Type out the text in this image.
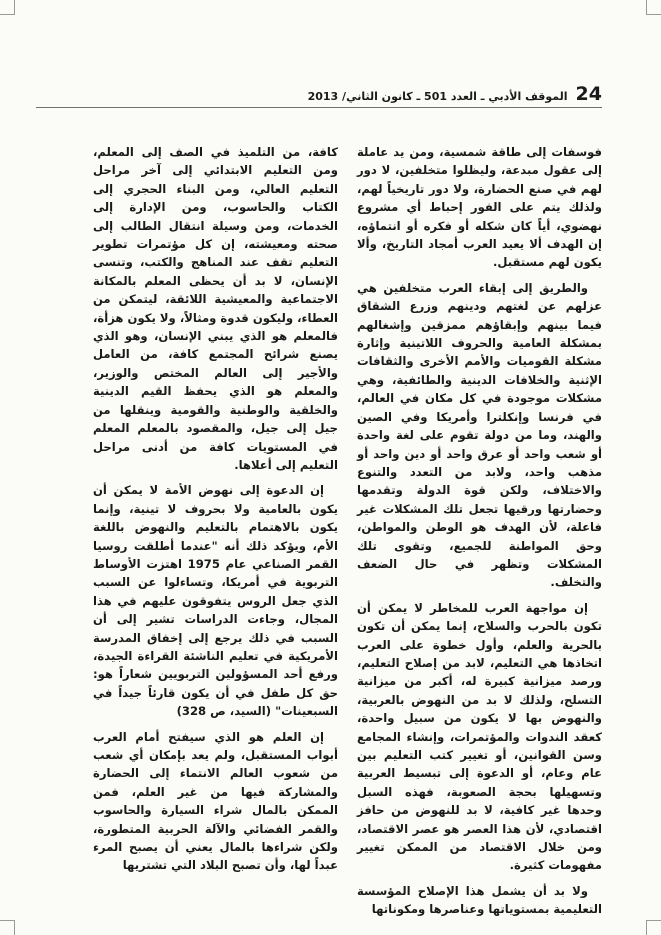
الموقف الأدبي ـ العدد 501 ـ كانون الثاني/ 2013 24

فوسفات إلى طاقة شمسية، ومن يد عاملة إلى عقول مبدعة، وليظلوا متخلفين، لا دور لهم في صنع الحضارة، ولا دور تاريخياً لهم، ولذلك يتم على الفور إحباط أي مشروع نهضوي، أياً كان شكله أو فكره أو انتماؤه، إن الهدف ألا يعيد العرب أمجاد التاريخ، وألا يكون لهم مستقبل.

والطريق إلى إبقاء العرب متخلفين هي عزلهم عن لغتهم ودينهم وزرع الشقاق فيما بينهم وإبقاؤهم ممزقين وإشغالهم بمشكلة العامية والحروف اللاتينية وإثارة مشكلة القوميات والأمم الأخرى والثقافات الإثنية والخلافات الدينية والطائفية، وهي مشكلات موجودة في كل مكان في العالم، في فرنسا وإنكلترا وأمريكا وفي الصين والهند، وما من دولة تقوم على لغة واحدة أو شعب واحد أو عرق واحد أو دين واحد أو مذهب واحد، ولابد من التعدد والتنوع والاختلاف، ولكن قوة الدولة وتقدمها وحضارتها ورقيها تجعل تلك المشكلات غير فاعلة، لأن الهدف هو الوطن والمواطن، وحق المواطنة للجميع، وتقوى تلك المشكلات وتظهر في حال الضعف والتخلف.

إن مواجهة العرب للمخاطر لا يمكن أن تكون بالحرب والسلاح، إنما يمكن أن تكون بالحرية والعلم، وأول خطوة على العرب اتخاذها هي التعليم، لابد من إصلاح التعليم، ورصد ميزانية كبيرة له، أكبر من ميزانية التسلح، ولذلك لا بد من النهوض بالعربية، والنهوض بها لا يكون من سبيل واحدة، كعقد الندوات والمؤتمرات، وإنشاء المجامع وسن القوانين، أو تغيير كتب التعليم بين عام وعام، أو الدعوة إلى تبسيط العربية وتسهيلها بحجة الصعوبة، فهذه السبل وحدها غير كافية، لا بد للنهوض من حافز اقتصادي، لأن هذا العصر هو عصر الاقتصاد، ومن خلال الاقتصاد من الممكن تغيير مفهومات كثيرة.

ولا بد أن يشمل هذا الإصلاح المؤسسة التعليمية بمستوياتها وعناصرها ومكوناتها

كافة، من التلميذ في الصف إلى المعلم، ومن التعليم الابتدائي إلى آخر مراحل التعليم العالي، ومن البناء الحجري إلى الكتاب والحاسوب، ومن الإدارة إلى الخدمات، ومن وسيلة انتقال الطالب إلى صحته ومعيشته، إن كل مؤتمرات تطوير التعليم تقف عند المناهج والكتب، وتنسى الإنسان، لا بد أن يحظى المعلم بالمكانة الاجتماعية والمعيشية اللائقة، ليتمكن من العطاء، وليكون قدوة ومثالاً، ولا يكون هزأة، فالمعلم هو الذي يبني الإنسان، وهو الذي يصنع شرائح المجتمع كافة، من العامل والأجير إلى العالم المختص والوزير، والمعلم هو الذي يحفظ القيم الدينية والخلقية والوطنية والقومية وينقلها من جيل إلى جيل، والمقصود بالمعلم المعلم في المستويات كافة من أدنى مراحل التعليم إلى أعلاها.

إن الدعوة إلى نهوض الأمة لا يمكن أن يكون بالعامية ولا بحروف لا تينية، وإنما يكون بالاهتمام بالتعليم والنهوض باللغة الأم، ويؤكد ذلك أنه "عندما أطلقت روسيا القمر الصناعي عام 1975 اهتزت الأوساط التربوية في أمريكا، وتساءلوا عن السبب الذي جعل الروس يتفوقون عليهم في هذا المجال، وجاءت الدراسات تشير إلى أن السبب في ذلك يرجع إلى إخفاق المدرسة الأمريكية في تعليم الناشئة القراءة الجيدة، ورفع أحد المسؤولين التربويين شعاراً هو: حق كل طفل في أن يكون قارئاً جيداً في السبعينات" (السيد، ص 328)

إن العلم هو الذي سيفتح أمام العرب أبواب المستقبل، ولم يعد بإمكان أي شعب من شعوب العالم الانتماء إلى الحضارة والمشاركة فيها من غير العلم، فمن الممكن بالمال شراء السيارة والحاسوب والقمر الفضائي والآلة الحربية المتطورة، ولكن شراءها بالمال يعني أن يصبح المرء عبداً لها، وأن تصبح البلاد التي تشتريها
